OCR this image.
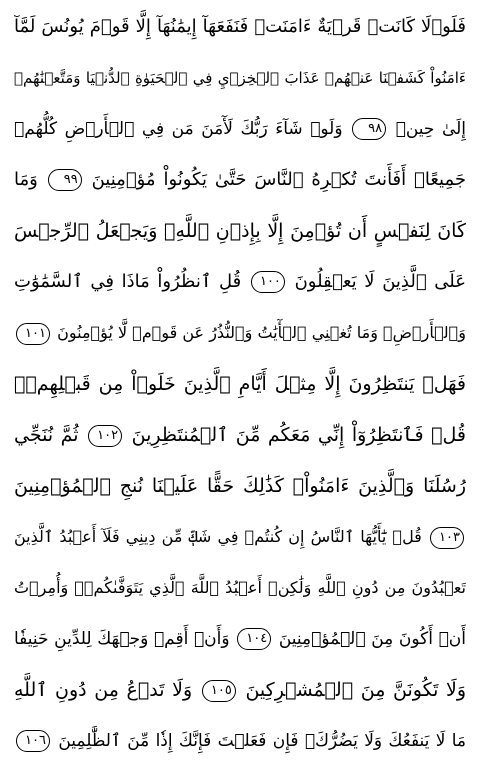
فَلَوۡلَا كَانَتۡ قَرۡيَةٌ ءَامَنَتۡ فَنَفَعَهَآ إِيمَٰنُهَآ إِلَّا قَوۡمَ يُونُسَ لَمَّآ
ءَامَنُواْ كَشَفۡنَا عَنۡهُمۡ عَذَابَ ٱلۡخِزۡيِ فِي ٱلۡحَيَوٰةِ ٱلدُّنۡيَا وَمَتَّعۡنَٰهُمۡ
إِلَىٰ حِينٖ ٩٨ وَلَوۡ شَآءَ رَبُّكَ لَأٓمَنَ مَن فِي ٱلۡأَرۡضِ كُلُّهُمۡ
جَمِيعًاۚ أَفَأَنتَ تُكۡرِهُ ٱلنَّاسَ حَتَّىٰ يَكُونُواْ مُؤۡمِنِينَ ٩٩ وَمَا
كَانَ لِنَفۡسٍ أَن تُؤۡمِنَ إِلَّا بِإِذۡنِ ٱللَّهِۚ وَيَجۡعَلُ ٱلرِّجۡسَ
عَلَى ٱلَّذِينَ لَا يَعۡقِلُونَ ١٠٠ قُلِ ٱنظُرُواْ مَاذَا فِي ٱلسَّمَٰوَٰتِ
وَٱلۡأَرۡضِۚ وَمَا تُغۡنِي ٱلۡأٓيَٰتُ وَٱلنُّذُرُ عَن قَوۡمٖ لَّا يُؤۡمِنُونَ ١٠١
فَهَلۡ يَنتَظِرُونَ إِلَّا مِثۡلَ أَيَّامِ ٱلَّذِينَ خَلَوۡاْ مِن قَبۡلِهِمۡۚ
قُلۡ فَٱنتَظِرُوٓاْ إِنِّي مَعَكُم مِّنَ ٱلۡمُنتَظِرِينَ ١٠٢ ثُمَّ نُنَجِّي
رُسُلَنَا وَٱلَّذِينَ ءَامَنُواْۚ كَذَٰلِكَ حَقًّا عَلَيۡنَا نُنجِ ٱلۡمُؤۡمِنِينَ
١٠٣ قُلۡ يَٰٓأَيُّهَا ٱلنَّاسُ إِن كُنتُمۡ فِي شَكّٖ مِّن دِينِي فَلَآ أَعۡبُدُ ٱلَّذِينَ
تَعۡبُدُونَ مِن دُونِ ٱللَّهِ وَلَٰكِنۡ أَعۡبُدُ ٱللَّهَ ٱلَّذِي يَتَوَفَّىٰكُمۡۖ وَأُمِرۡتُ
أَنۡ أَكُونَ مِنَ ٱلۡمُؤۡمِنِينَ ١٠٤ وَأَنۡ أَقِمۡ وَجۡهَكَ لِلدِّينِ حَنِيفٗا
وَلَا تَكُونَنَّ مِنَ ٱلۡمُشۡرِكِينَ ١٠٥ وَلَا تَدۡعُ مِن دُونِ ٱللَّهِ
مَا لَا يَنفَعُكَ وَلَا يَضُرُّكَۖ فَإِن فَعَلۡتَ فَإِنَّكَ إِذٗا مِّنَ ٱلظَّٰلِمِينَ ١٠٦
